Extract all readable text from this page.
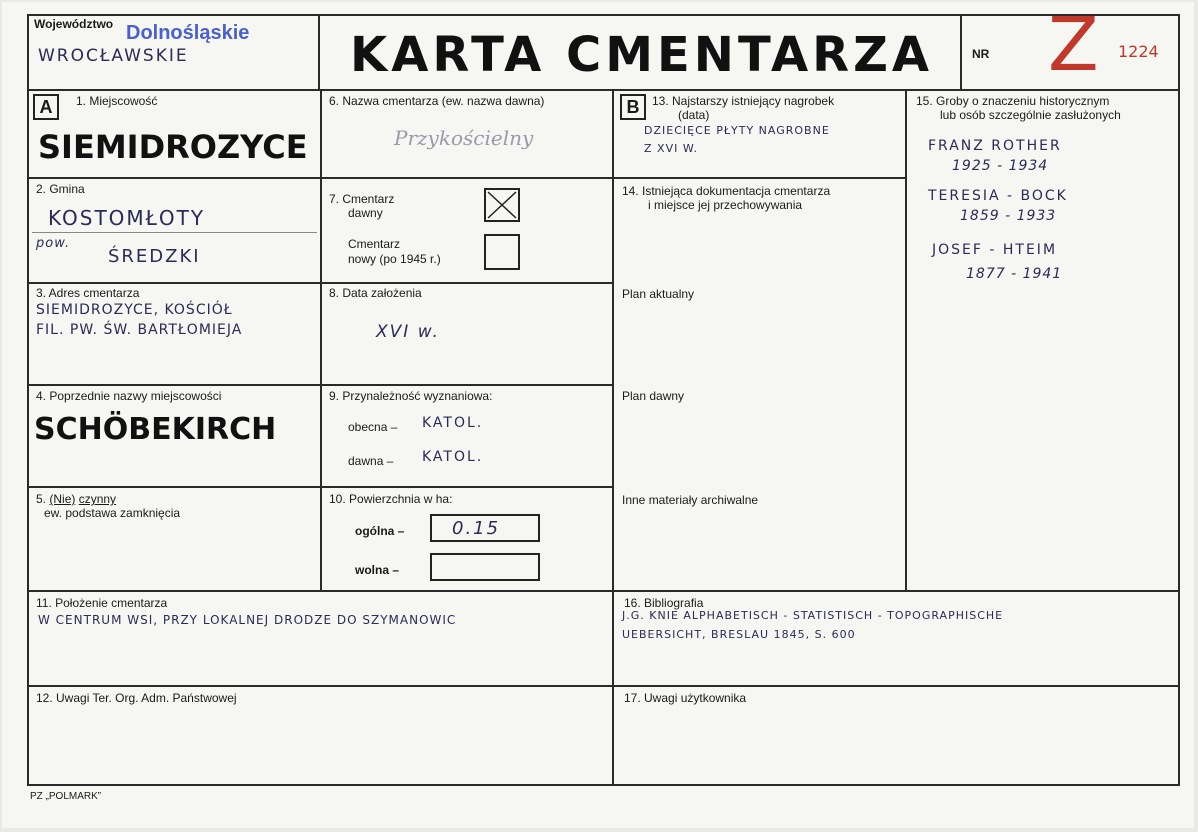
Województwo Dolnośląskie
WROCŁAWSKIE	KARTA CMENTARZA	NR Z 1224
A	1. Miejscowość
SIEMIDROZYCE
2. Gmina
KOSTOMŁOTY
pow.
ŚREDZKI
3. Adres cmentarza
SIEMIDROZYCE, KOŚCIÓŁ
FIL. PW. ŚW. BARTŁOMIEJA
4. Poprzednie nazwy miejscowości
SCHÖBEKIRCH
5. (Nie) czynny
ew. podstawa zamknięcia
6. Nazwa cmentarza (ew. nazwa dawna)
Przykościelny
7. Cmentarz
dawny
Cmentarz
nowy (po 1945 r.)
8. Data założenia
XVI w.
9. Przynależność wyznaniowa:
obecna – KATOL.
dawna – KATOL.
10. Powierzchnia w ha:
ogólna –	0.15
wolna –
B	13. Najstarszy istniejący nagrobek
(data)
DZIECIĘCE PŁYTY NAGROBNE
Z XVI W.
14. Istniejąca dokumentacja cmentarza
i miejsce jej przechowywania
Plan aktualny
Plan dawny
Inne materiały archiwalne
15. Groby o znaczeniu historycznym
lub osób szczególnie zasłużonych
FRANZ ROTHER
1925 - 1934
TERESIA - BOCK
1859 - 1933
JOSEF - HTEIM
1877 - 1941
11. Położenie cmentarza
W CENTRUM WSI, PRZY LOKALNEJ DRODZE DO SZYMANOWIC
16. Bibliografia
J.G. KNIE ALPHABETISCH - STATISTISCH - TOPOGRAPHISCHE
UEBERSICHT, BRESLAU 1845, S. 600
12. Uwagi Ter. Org. Adm. Państwowej	17. Uwagi użytkownika
PZ „POLMARK”
